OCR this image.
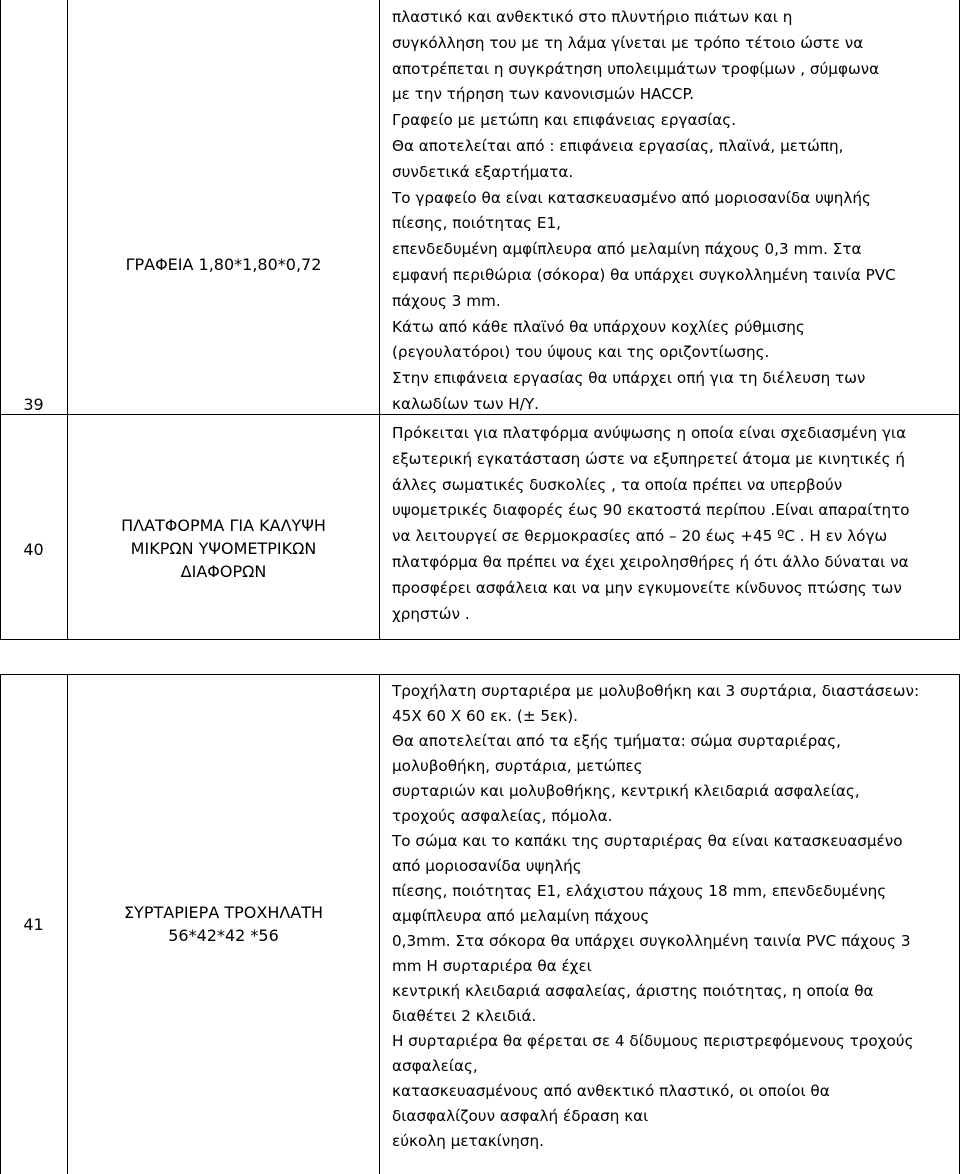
39
ΓΡΑΦΕΙΑ 1,80*1,80*0,72
40
ΠΛΑΤΦΟΡΜΑ ΓΙΑ ΚΑΛΥΨΗ
ΜΙΚΡΩΝ ΥΨΟΜΕΤΡΙΚΩΝ
ΔΙΑΦΟΡΩΝ
41
ΣΥΡΤΑΡΙΕΡΑ ΤΡΟΧΗΛΑΤΗ
56*42*42 *56
πλαστικό και ανθεκτικό στο πλυντήριο πιάτων και η
συγκόλληση του με τη λάμα γίνεται με τρόπο τέτοιο ώστε να
αποτρέπεται η συγκράτηση υπολειμμάτων τροφίμων , σύμφωνα
με την τήρηση των κανονισμών HACCP.
Γραφείο με μετώπη και επιφάνειας εργασίας.
Θα αποτελείται από : επιφάνεια εργασίας, πλαϊνά, μετώπη,
συνδετικά εξαρτήματα.
Το γραφείο θα είναι κατασκευασμένο από μοριοσανίδα υψηλής
πίεσης, ποιότητας Ε1,
επενδεδυμένη αμφίπλευρα από μελαμίνη πάχους 0,3 mm. Στα
εμφανή περιθώρια (σόκορα) θα υπάρχει συγκολλημένη ταινία PVC
πάχους 3 mm.
Κάτω από κάθε πλαϊνό θα υπάρχουν κοχλίες ρύθμισης
(ρεγουλατόροι) του ύψους και της οριζοντίωσης.
Στην επιφάνεια εργασίας θα υπάρχει οπή για τη διέλευση των
καλωδίων των Η/Υ.
Πρόκειται για πλατφόρμα ανύψωσης η οποία είναι σχεδιασμένη για
εξωτερική εγκατάσταση ώστε να εξυπηρετεί άτομα με κινητικές ή
άλλες σωματικές δυσκολίες , τα οποία πρέπει να υπερβούν
υψομετρικές διαφορές έως 90 εκατοστά περίπου .Είναι απαραίτητο
να λειτουργεί σε θερμοκρασίες από – 20 έως +45 ºC . Η εν λόγω
πλατφόρμα θα πρέπει να έχει χειρολησθήρες ή ότι άλλο δύναται να
προσφέρει ασφάλεια και να μην εγκυμονείτε κίνδυνος πτώσης των
χρηστών .
Τροχήλατη συρταριέρα με μολυβοθήκη και 3 συρτάρια, διαστάσεων:
45Χ 60 Χ 60 εκ. (± 5εκ).
Θα αποτελείται από τα εξής τμήματα: σώμα συρταριέρας,
μολυβοθήκη, συρτάρια, μετώπες
συρταριών και μολυβοθήκης, κεντρική κλειδαριά ασφαλείας,
τροχούς ασφαλείας, πόμολα.
Το σώμα και το καπάκι της συρταριέρας θα είναι κατασκευασμένο
από μοριοσανίδα υψηλής
πίεσης, ποιότητας Ε1, ελάχιστου πάχους 18 mm, επενδεδυμένης
αμφίπλευρα από μελαμίνη πάχους
0,3mm. Στα σόκορα θα υπάρχει συγκολλημένη ταινία PVC πάχους 3
mm Η συρταριέρα θα έχει
κεντρική κλειδαριά ασφαλείας, άριστης ποιότητας, η οποία θα
διαθέτει 2 κλειδιά.
Η συρταριέρα θα φέρεται σε 4 δίδυμους περιστρεφόμενους τροχούς
ασφαλείας,
κατασκευασμένους από ανθεκτικό πλαστικό, οι οποίοι θα
διασφαλίζουν ασφαλή έδραση και
εύκολη μετακίνηση.
